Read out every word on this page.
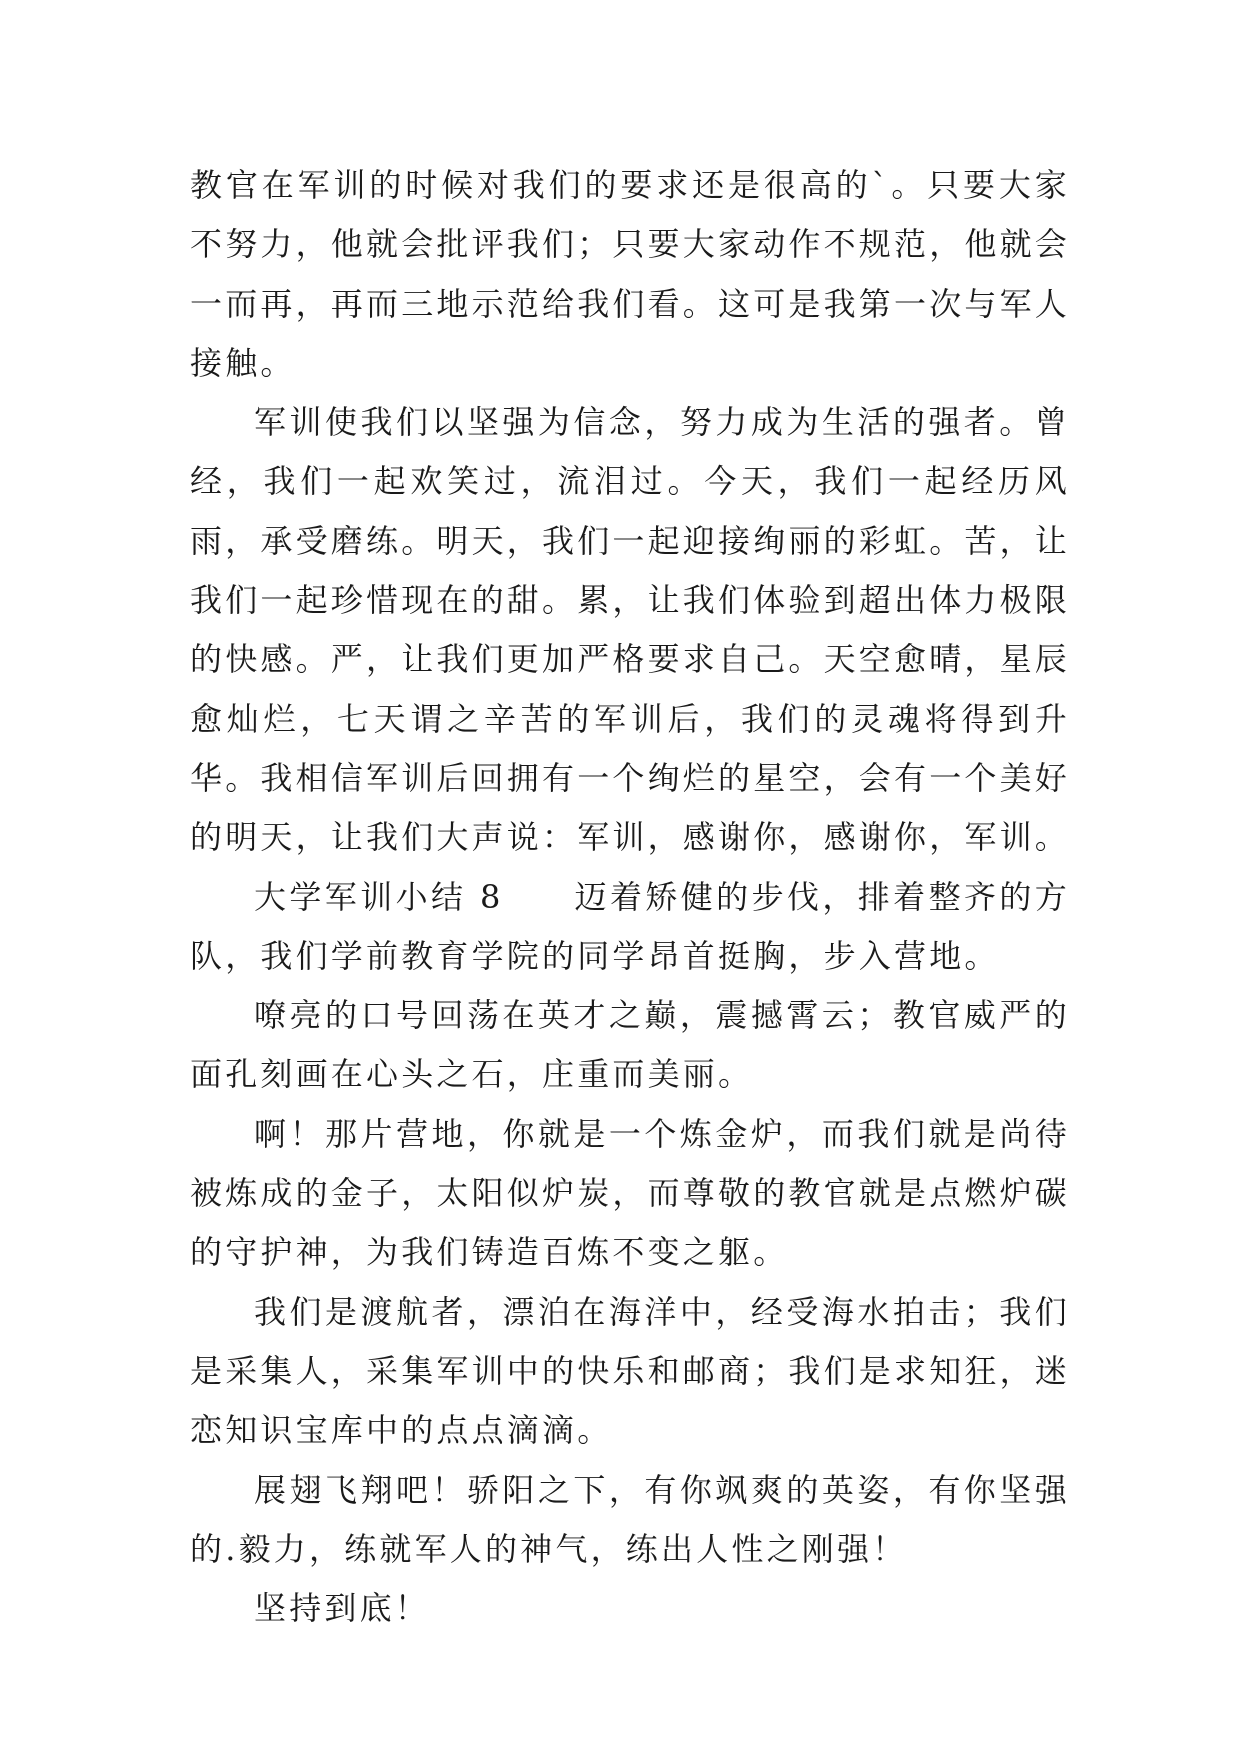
教官在军训的时候对我们的要求还是很高的`。只要大家不努力，他就会批评我们；只要大家动作不规范，他就会一而再，再而三地示范给我们看。这可是我第一次与军人接触。

军训使我们以坚强为信念，努力成为生活的强者。曾经，我们一起欢笑过，流泪过。今天，我们一起经历风雨，承受磨练。明天，我们一起迎接绚丽的彩虹。苦，让我们一起珍惜现在的甜。累，让我们体验到超出体力极限的快感。严，让我们更加严格要求自己。天空愈晴，星辰愈灿烂，七天谓之辛苦的军训后，我们的灵魂将得到升华。我相信军训后回拥有一个绚烂的星空，会有一个美好的明天，让我们大声说：军训，感谢你，感谢你，军训。

大学军训小结 8　　迈着矫健的步伐，排着整齐的方队，我们学前教育学院的同学昂首挺胸，步入营地。

嘹亮的口号回荡在英才之巅，震撼霄云；教官威严的面孔刻画在心头之石，庄重而美丽。

啊！那片营地，你就是一个炼金炉，而我们就是尚待被炼成的金子，太阳似炉炭，而尊敬的教官就是点燃炉碳的守护神，为我们铸造百炼不变之躯。

我们是渡航者，漂泊在海洋中，经受海水拍击；我们是采集人，采集军训中的快乐和邮商；我们是求知狂，迷恋知识宝库中的点点滴滴。

展翅飞翔吧！骄阳之下，有你飒爽的英姿，有你坚强的.毅力，练就军人的神气，练出人性之刚强！

坚持到底！
